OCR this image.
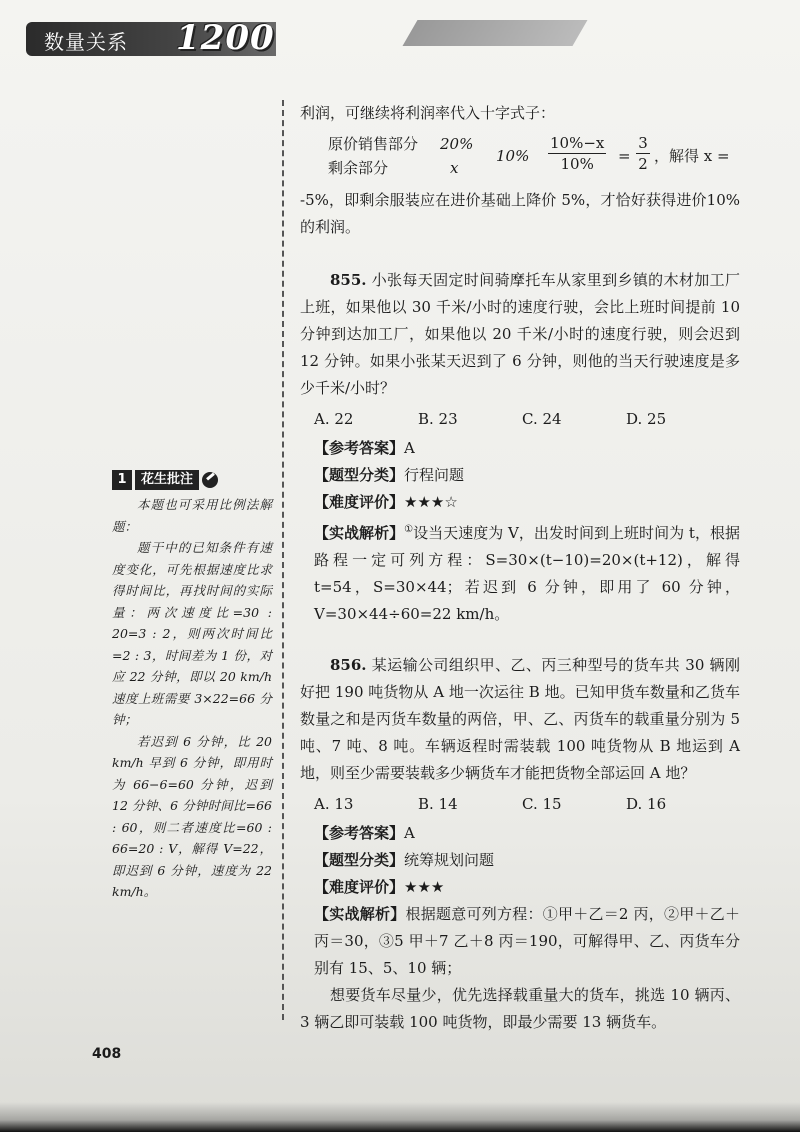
数量关系 1200

利润，可继续将利润率代入十字式子：

原价销售部分 20%
剩余部分	x
$10\% \frac{10\%-x}{10\%} = \frac{3}{2}$ ，解得 x =

-5%，即剩余服装应在进价基础上降价 5%，才恰好获得进价10%的利润。

855. 小张每天固定时间骑摩托车从家里到乡镇的木材加工厂上班，如果他以 30 千米/小时的速度行驶，会比上班时间提前 10 分钟到达加工厂，如果他以 20 千米/小时的速度行驶，则会迟到 12 分钟。如果小张某天迟到了 6 分钟，则他的当天行驶速度是多少千米/小时？

A. 22	B. 23	C. 24	D. 25

【参考答案】A

【题型分类】行程问题

【难度评价】★★★☆

【实战解析】①设当天速度为 V，出发时间到上班时间为 t，根据路程一定可列方程：S=30×(t−10)=20×(t+12)，解得 t=54，S=30×44；若迟到 6 分钟，即用了 60 分钟，V=30×44÷60=22 km/h。

856. 某运输公司组织甲、乙、丙三种型号的货车共 30 辆刚好把 190 吨货物从 A 地一次运往 B 地。已知甲货车数量和乙货车数量之和是丙货车数量的两倍，甲、乙、丙货车的载重量分别为 5 吨、7 吨、8 吨。车辆返程时需装载 100 吨货物从 B 地运到 A 地，则至少需要装载多少辆货车才能把货物全部运回 A 地？

A. 13	B. 14	C. 15	D. 16

【参考答案】A

【题型分类】统筹规划问题

【难度评价】★★★

【实战解析】根据题意可列方程：①甲＋乙＝2 丙，②甲＋乙＋丙＝30，③5 甲＋7 乙＋8 丙＝190，可解得甲、乙、丙货车分别有 15、5、10 辆；

想要货车尽量少，优先选择载重量大的货车，挑选 10 辆丙、3 辆乙即可装载 100 吨货物，即最少需要 13 辆货车。

1	花生批注

本题也可采用比例法解题：

题干中的已知条件有速度变化，可先根据速度比求得时间比，再找时间的实际量：两次速度比=30 : 20=3 : 2，则两次时间比=2 : 3，时间差为 1 份，对应 22 分钟，即以 20 km/h 速度上班需要 3×22=66 分钟；

若迟到 6 分钟，比 20 km/h 早到 6 分钟，即用时为 66−6=60 分钟，迟到 12 分钟、6 分钟时间比=66 : 60，则二者速度比=60 : 66=20 : V，解得 V=22，即迟到 6 分钟，速度为 22 km/h。

408
